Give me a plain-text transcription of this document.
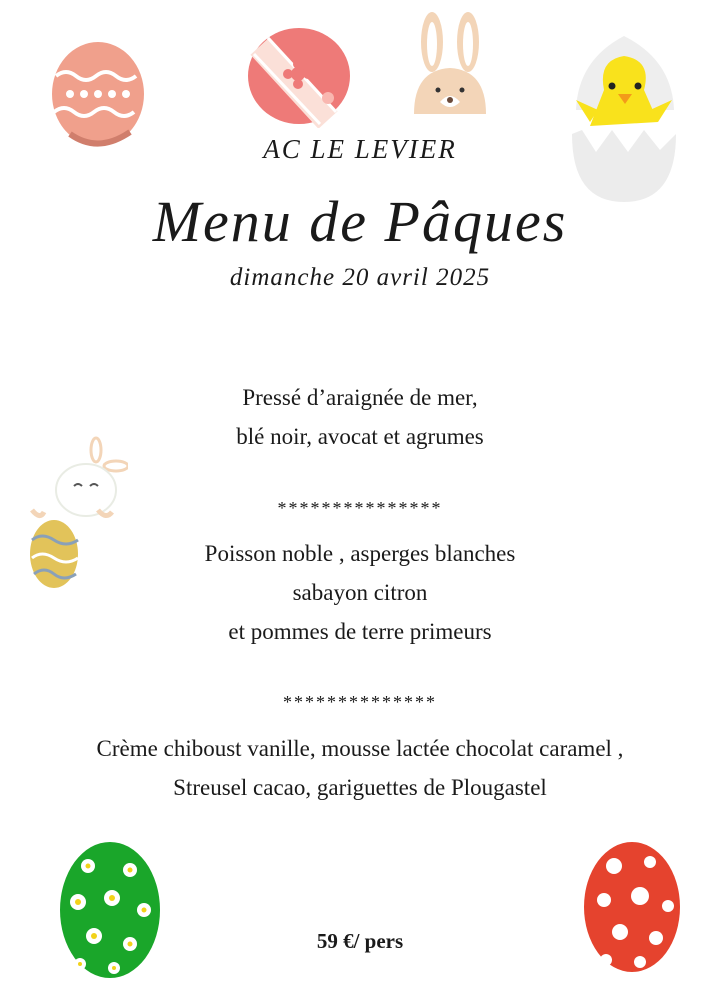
AC LE LEVIER

Menu de Pâques

dimanche 20 avril 2025

Pressé d’araignée de mer,
blé noir, avocat et agrumes

***************

Poisson noble , asperges blanches
sabayon citron
et pommes de terre primeurs

**************

Crème chiboust vanille, mousse lactée chocolat caramel ,
Streusel cacao, gariguettes de Plougastel

59 €/ pers
